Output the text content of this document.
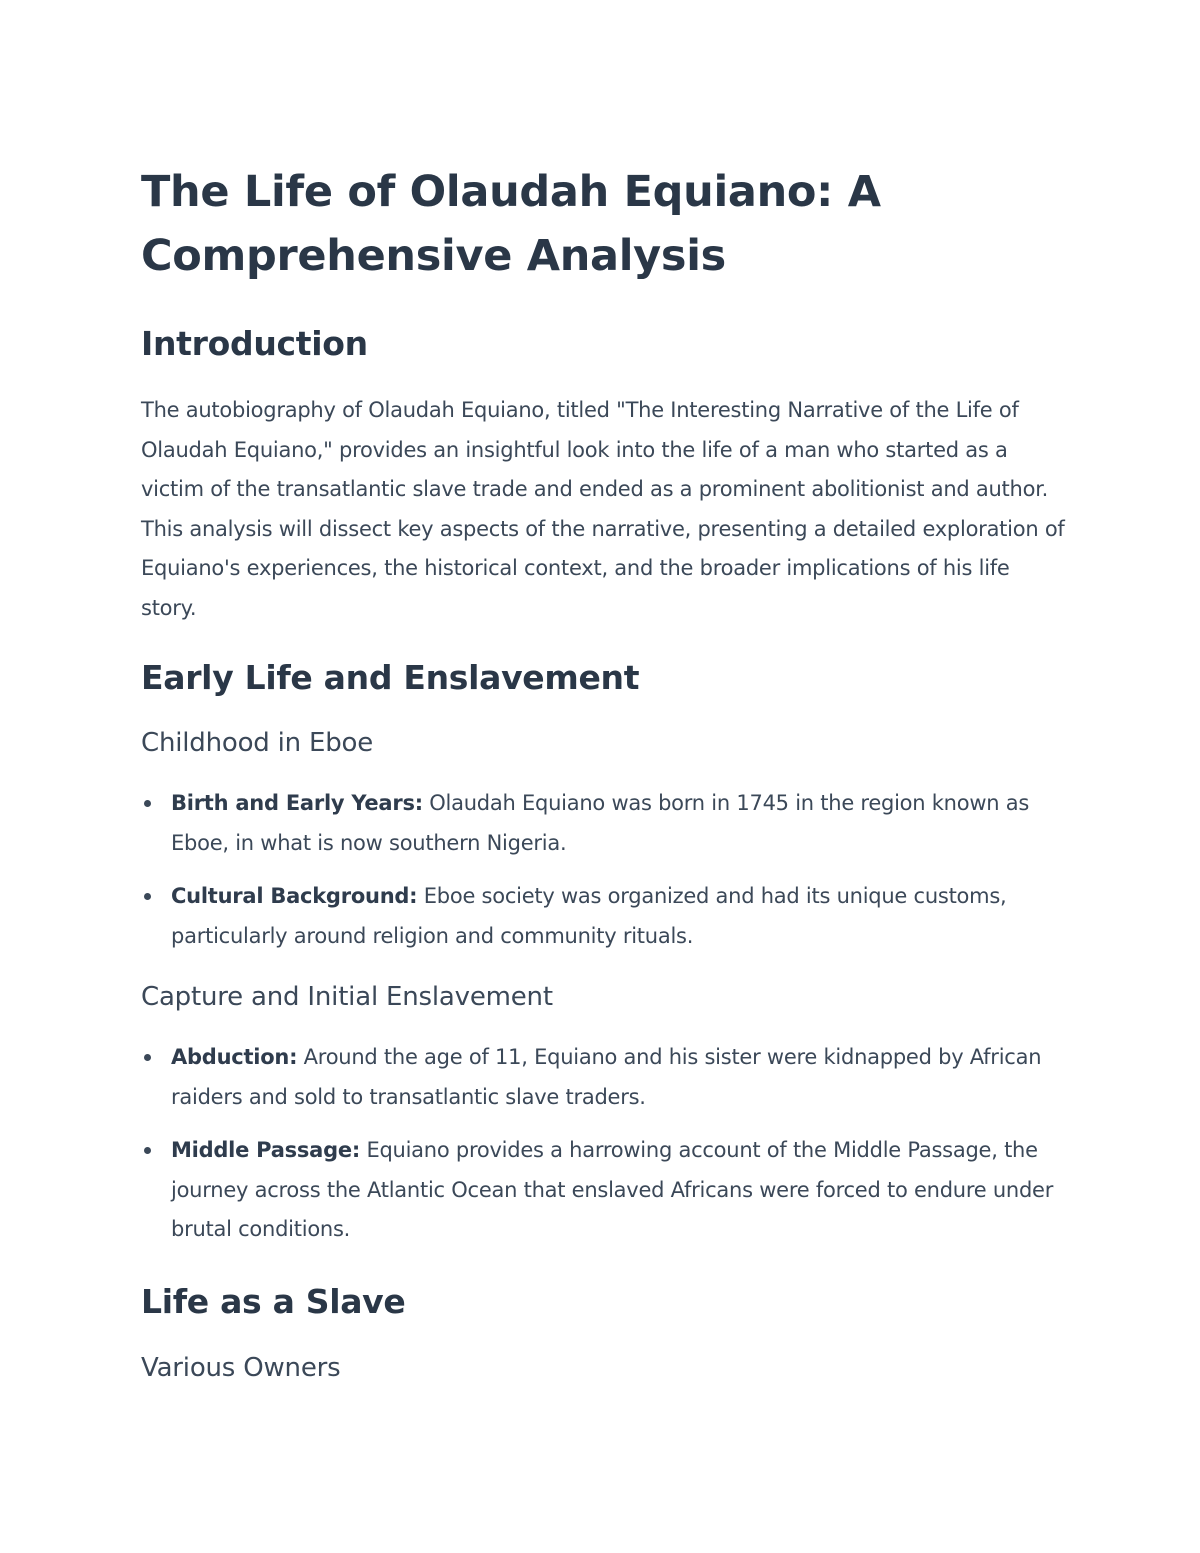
The Life of Olaudah Equiano: A Comprehensive Analysis
Introduction

The autobiography of Olaudah Equiano, titled "The Interesting Narrative of the Life of Olaudah Equiano," provides an insightful look into the life of a man who started as a victim of the transatlantic slave trade and ended as a prominent abolitionist and author. This analysis will dissect key aspects of the narrative, presenting a detailed exploration of Equiano's experiences, the historical context, and the broader implications of his life story.

Early Life and Enslavement
Childhood in Eboe
Birth and Early Years: Olaudah Equiano was born in 1745 in the region known as Eboe, in what is now southern Nigeria.
Cultural Background: Eboe society was organized and had its unique customs, particularly around religion and community rituals.
Capture and Initial Enslavement
Abduction: Around the age of 11, Equiano and his sister were kidnapped by African raiders and sold to transatlantic slave traders.
Middle Passage: Equiano provides a harrowing account of the Middle Passage, the journey across the Atlantic Ocean that enslaved Africans were forced to endure under brutal conditions.
Life as a Slave
Various Owners
